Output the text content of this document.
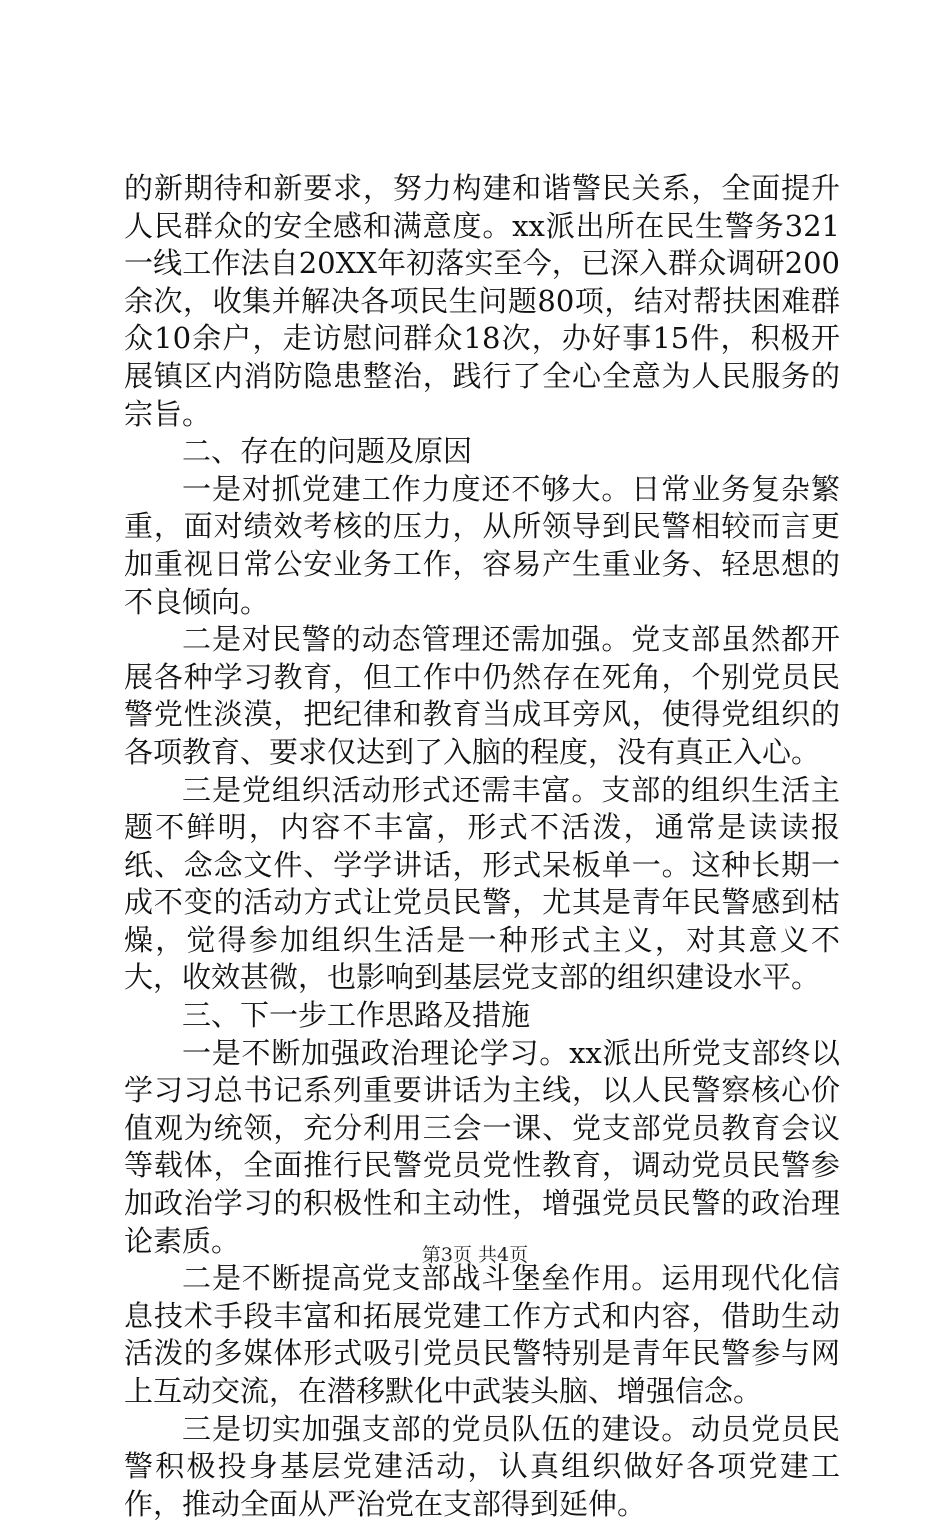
的新期待和新要求，努力构建和谐警民关系，全面提升人民群众的安全感和满意度。xx派出所在民生警务321一线工作法自20XX年初落实至今，已深入群众调研200余次，收集并解决各项民生问题80项，结对帮扶困难群众10余户，走访慰问群众18次，办好事15件，积极开展镇区内消防隐患整治，践行了全心全意为人民服务的宗旨。

二、存在的问题及原因

一是对抓党建工作力度还不够大。日常业务复杂繁重，面对绩效考核的压力，从所领导到民警相较而言更加重视日常公安业务工作，容易产生重业务、轻思想的不良倾向。

二是对民警的动态管理还需加强。党支部虽然都开展各种学习教育，但工作中仍然存在死角，个别党员民警党性淡漠，把纪律和教育当成耳旁风，使得党组织的各项教育、要求仅达到了入脑的程度，没有真正入心。

三是党组织活动形式还需丰富。支部的组织生活主题不鲜明，内容不丰富，形式不活泼，通常是读读报纸、念念文件、学学讲话，形式呆板单一。这种长期一成不变的活动方式让党员民警，尤其是青年民警感到枯燥，觉得参加组织生活是一种形式主义，对其意义不大，收效甚微，也影响到基层党支部的组织建设水平。

三、下一步工作思路及措施

一是不断加强政治理论学习。xx派出所党支部终以学习习总书记系列重要讲话为主线，以人民警察核心价值观为统领，充分利用三会一课、党支部党员教育会议等载体，全面推行民警党员党性教育，调动党员民警参加政治学习的积极性和主动性，增强党员民警的政治理论素质。

二是不断提高党支部战斗堡垒作用。运用现代化信息技术手段丰富和拓展党建工作方式和内容，借助生动活泼的多媒体形式吸引党员民警特别是青年民警参与网上互动交流，在潜移默化中武装头脑、增强信念。

三是切实加强支部的党员队伍的建设。动员党员民警积极投身基层党建活动，认真组织做好各项党建工作，推动全面从严治党在支部得到延伸。

第3页 共4页
